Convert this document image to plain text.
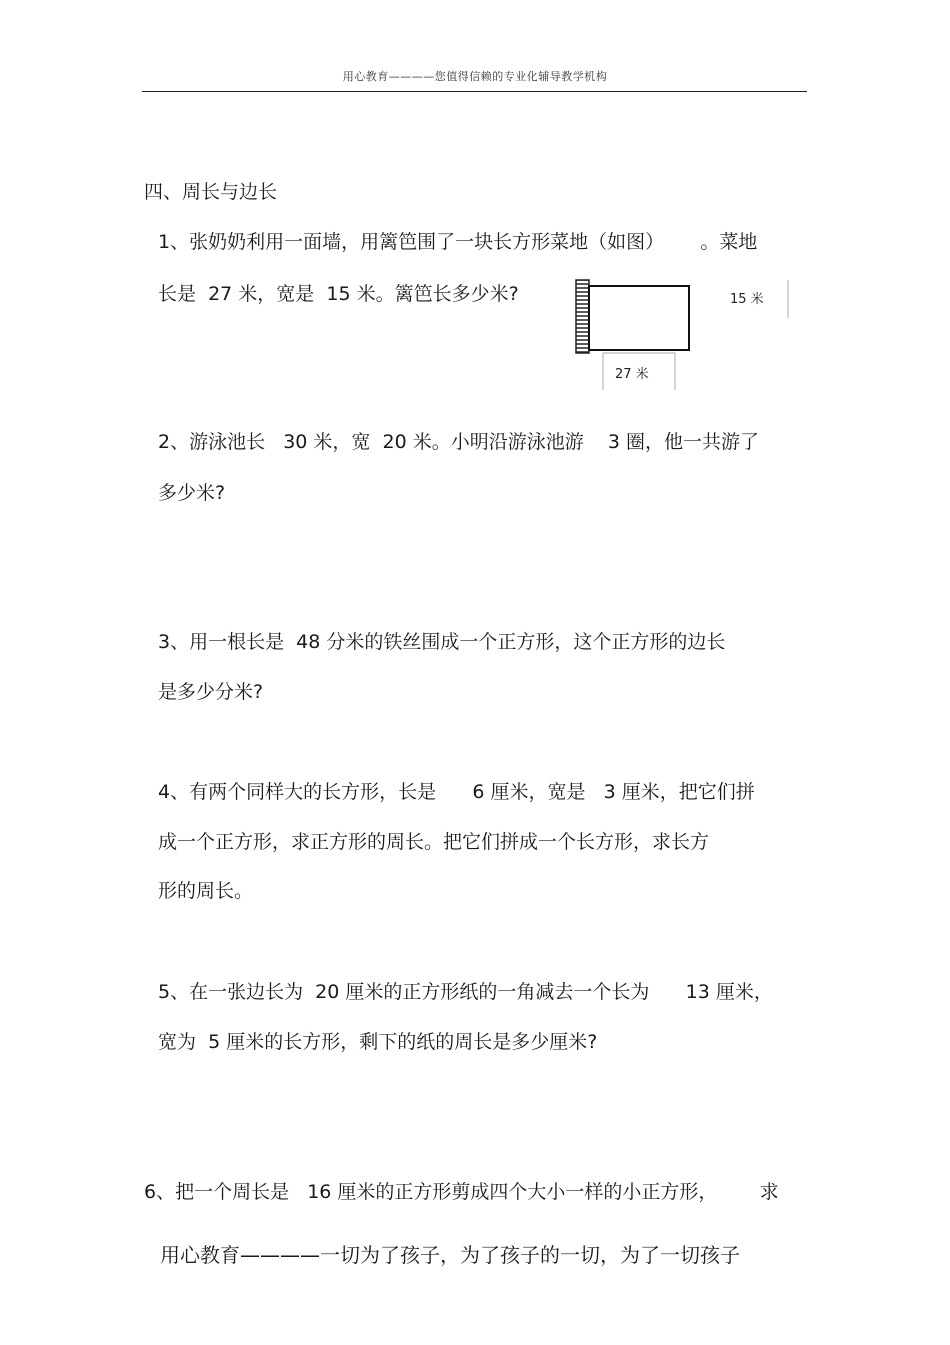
用心教育————您值得信赖的专业化辅导教学机构
四、周长与边长
1、张奶奶利用一面墙，用篱笆围了一块长方形菜地（如图）      。菜地
长是  27 米，宽是  15 米。篱笆长多少米?	15 米
27 米
2、游泳池长   30 米，宽  20 米。小明沿游泳池游    3 圈，他一共游了
多少米?
3、用一根长是  48 分米的铁丝围成一个正方形，这个正方形的边长
是多少分米?
4、有两个同样大的长方形，长是      6 厘米，宽是   3 厘米，把它们拼
成一个正方形，求正方形的周长。把它们拼成一个长方形，求长方
形的周长。
5、在一张边长为  20 厘米的正方形纸的一角减去一个长为      13 厘米，
宽为  5 厘米的长方形，剩下的纸的周长是多少厘米?
6、把一个周长是   16 厘米的正方形剪成四个大小一样的小正方形，       求
用心教育————一切为了孩子，为了孩子的一切，为了一切孩子
